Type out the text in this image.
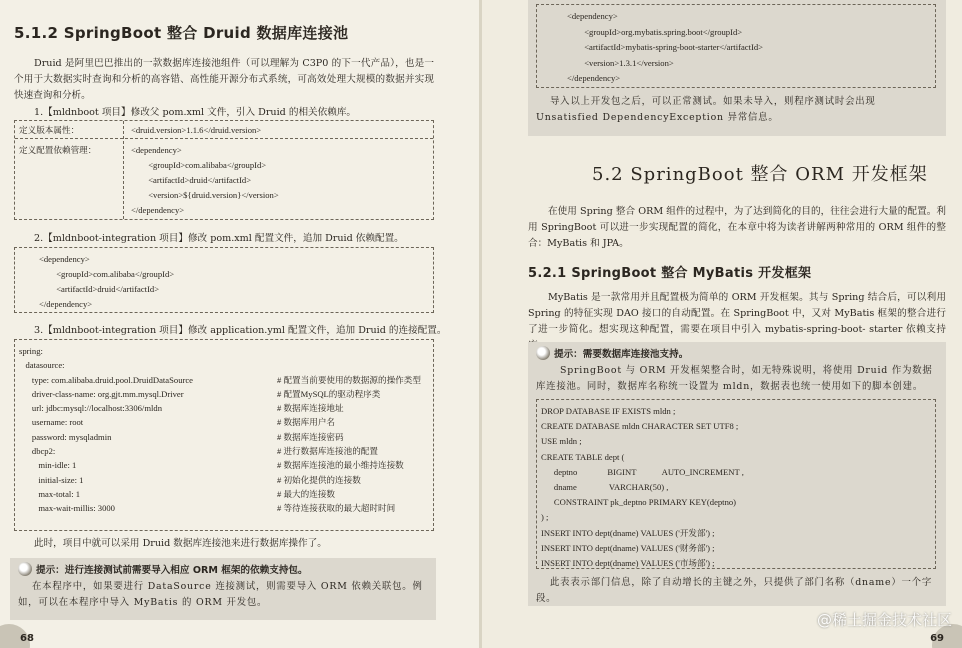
5.1.2 SpringBoot 整合 Druid 数据库连接池
Druid 是阿里巴巴推出的一款数据库连接池组件（可以理解为 C3P0 的下一代产品），也是一个用于大数据实时查询和分析的高容错、高性能开源分布式系统，可高效处理大规模的数据并实现快速查询和分析。
1.【mldnboot 项目】修改父 pom.xml 文件，引入 Druid 的相关依赖库。
定义版本属性：	<druid.version>1.1.6</druid.version>
定义配置依赖管理：	<dependency>
<groupId>com.alibaba</groupId>
<artifactId>druid</artifactId>
<version>${druid.version}</version>
</dependency>
2.【mldnboot-integration 项目】修改 pom.xml 配置文件，追加 Druid 依赖配置。
<dependency>
<groupId>com.alibaba</groupId>
<artifactId>druid</artifactId>
</dependency>
3.【mldnboot-integration 项目】修改 application.yml 配置文件，追加 Druid 的连接配置。
spring:
datasource:
type: com.alibaba.druid.pool.DruidDataSource	# 配置当前要使用的数据源的操作类型
driver-class-name: org.gjt.mm.mysql.Driver	# 配置MySQL的驱动程序类
url: jdbc:mysql://localhost:3306/mldn	# 数据库连接地址
username: root	# 数据库用户名
password: mysqladmin	# 数据库连接密码
dbcp2:	# 进行数据库连接池的配置
min-idle: 1	# 数据库连接池的最小维持连接数
initial-size: 1	# 初始化提供的连接数
max-total: 1	# 最大的连接数
max-wait-millis: 3000	# 等待连接获取的最大超时时间
此时，项目中就可以采用 Druid 数据库连接池来进行数据库操作了。
提示：进行连接测试前需要导入相应 ORM 框架的依赖支持包。
在本程序中，如果要进行 DataSource 连接测试，则需要导入 ORM 依赖关联包。例如，可以在本程序中导入 MyBatis 的 ORM 开发包。
68
<dependency>
<groupId>org.mybatis.spring.boot</groupId>
<artifactId>mybatis-spring-boot-starter</artifactId>
<version>1.3.1</version>
</dependency>
导入以上开发包之后，可以正常测试。如果未导入，则程序测试时会出现 Unsatisfied DependencyException 异常信息。
5.2 SpringBoot 整合 ORM 开发框架
在使用 Spring 整合 ORM 组件的过程中，为了达到简化的目的，往往会进行大量的配置。利用 SpringBoot 可以进一步实现配置的简化，在本章中将为读者讲解两种常用的 ORM 组件的整合：MyBatis 和 JPA。
5.2.1 SpringBoot 整合 MyBatis 开发框架
MyBatis 是一款常用并且配置极为简单的 ORM 开发框架。其与 Spring 结合后，可以利用 Spring 的特征实现 DAO 接口的自动配置。在 SpringBoot 中，又对 MyBatis 框架的整合进行了进一步简化。想实现这种配置，需要在项目中引入 mybatis-spring-boot- starter 依赖支持
提示：需要数据库连接池支持。
SpringBoot 与 ORM 开发框架整合时，如无特殊说明，将使用 Druid 作为数据库连接池。同时，数据库名称统一设置为 mldn，数据表也统一使用如下的脚本创建。
DROP DATABASE IF EXISTS mldn ;
CREATE DATABASE mldn CHARACTER SET UTF8 ;
USE mldn ;
CREATE TABLE dept (
deptno              BIGINT            AUTO_INCREMENT ,
dname               VARCHAR(50) ,
CONSTRAINT pk_deptno PRIMARY KEY(deptno)
) ;
INSERT INTO dept(dname) VALUES ('开发部') ;
INSERT INTO dept(dname) VALUES ('财务部') ;
INSERT INTO dept(dname) VALUES ('市场部') ;
此表表示部门信息，除了自动增长的主键之外，只提供了部门名称（dname）一个字段。
69
@稀土掘金技术社区
